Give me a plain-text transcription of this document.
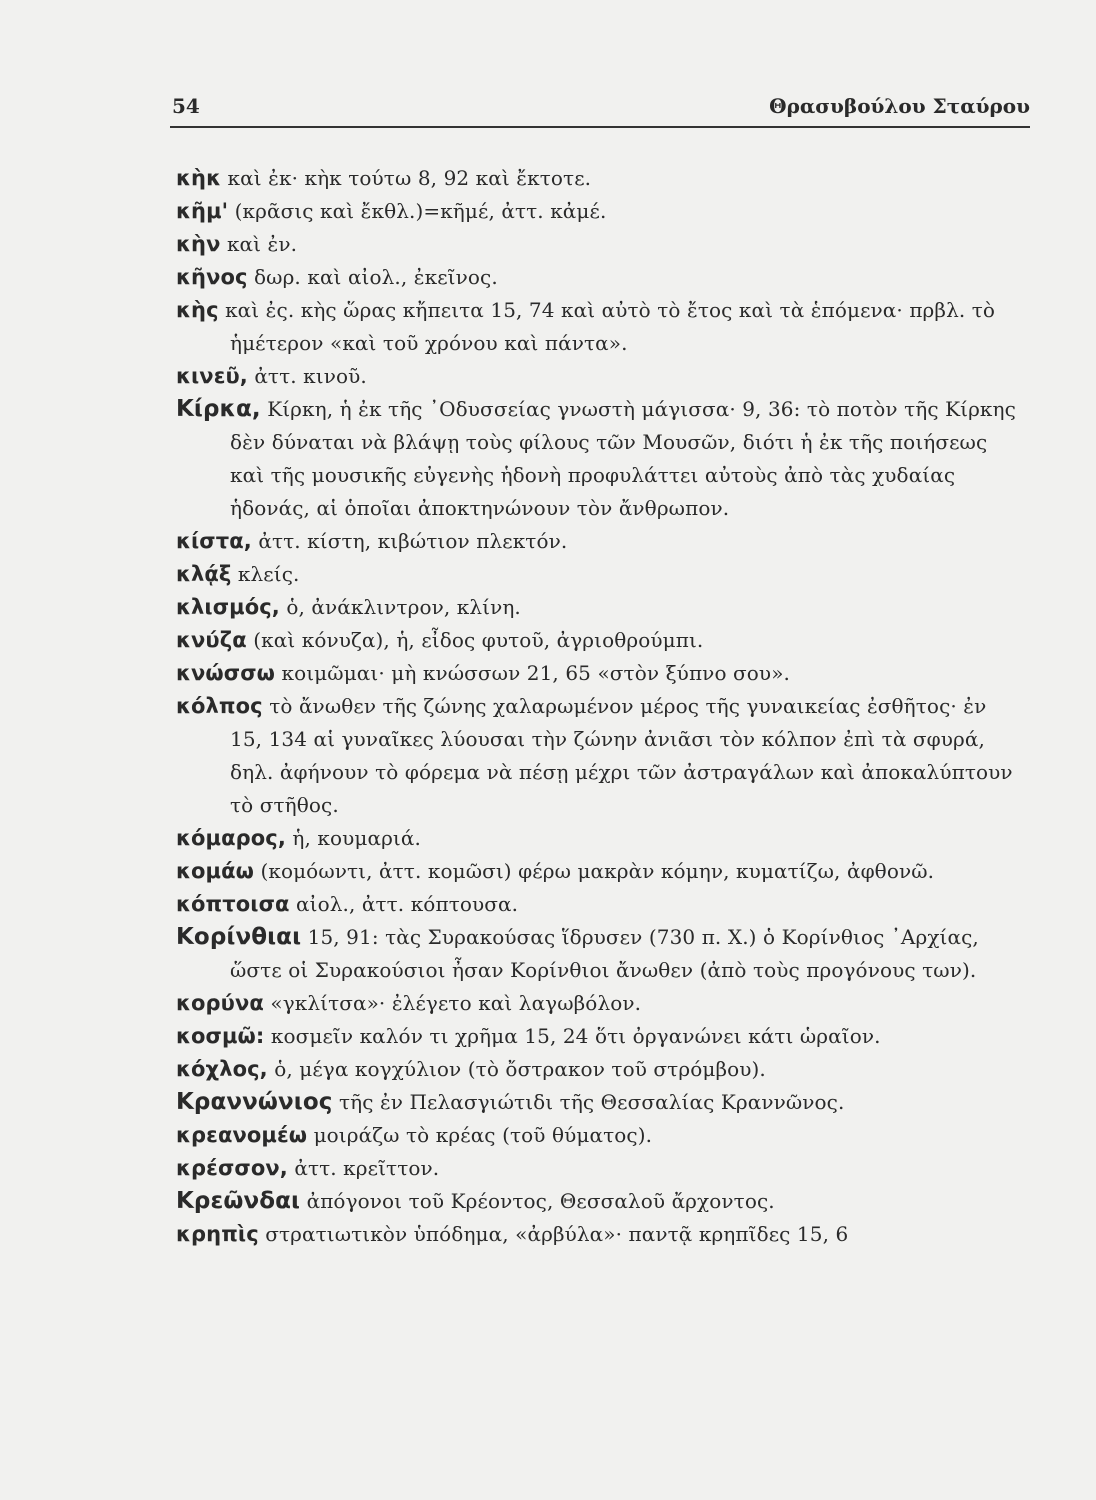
54	Θρασυβούλου Σταύρου

κὴκ καὶ ἐκ· κὴκ τούτω 8, 92 καὶ ἔκτοτε.

κῆμ' (κρᾶσις καὶ ἔκθλ.)=κῆμέ, ἀττ. κἀμέ.

κὴν καὶ ἐν.

κῆνος δωρ. καὶ αἰολ., ἐκεῖνος.

κὴς καὶ ἐς. κὴς ὥρας κἤπειτα 15, 74 καὶ αὐτὸ τὸ ἔτος καὶ τὰ ἑπόμενα· πρβλ. τὸ ἡμέτερον «καὶ τοῦ χρόνου καὶ πάντα».

κινεῦ, ἀττ. κινοῦ.

Κίρκα, Κίρκη, ἡ ἐκ τῆς ᾿Οδυσσείας γνωστὴ μάγισσα· 9, 36: τὸ ποτὸν τῆς Κίρκης δὲν δύναται νὰ βλάψῃ τοὺς φίλους τῶν Μουσῶν, διότι ἡ ἐκ τῆς ποιήσεως καὶ τῆς μουσικῆς εὐγενὴς ἡδονὴ προφυλάττει αὐτοὺς ἀπὸ τὰς χυδαίας ἡδονάς, αἱ ὁποῖαι ἀποκτηνώνουν τὸν ἄνθρωπον.

κίστα, ἀττ. κίστη, κιβώτιον πλεκτόν.

κλᾴξ κλείς.

κλισμός, ὁ, ἀνάκλιντρον, κλίνη.

κνύζα (καὶ κόνυζα), ἡ, εἶδος φυτοῦ, ἀγριοθρούμπι.

κνώσσω κοιμῶμαι· μὴ κνώσσων 21, 65 «στὸν ξύπνο σου».

κόλπος τὸ ἄνωθεν τῆς ζώνης χαλαρωμένον μέρος τῆς γυναικείας ἐσθῆτος· ἐν 15, 134 αἱ γυναῖκες λύουσαι τὴν ζώνην ἀνιᾶσι τὸν κόλπον ἐπὶ τὰ σφυρά, δηλ. ἀφήνουν τὸ φόρεμα νὰ πέσῃ μέχρι τῶν ἀστραγάλων καὶ ἀποκαλύπτουν τὸ στῆθος.

κόμαρος, ἡ, κουμαριά.

κομάω (κομόωντι, ἀττ. κομῶσι) φέρω μακρὰν κόμην, κυματίζω, ἀφθονῶ.

κόπτοισα αἰολ., ἀττ. κόπτουσα.

Κορίνθιαι 15, 91: τὰς Συρακούσας ἵδρυσεν (730 π. Χ.) ὁ Κορίνθιος ᾿Αρχίας, ὥστε οἱ Συρακούσιοι ἦσαν Κορίνθιοι ἄνωθεν (ἀπὸ τοὺς προγόνους των).

κορύνα «γκλίτσα»· ἐλέγετο καὶ λαγωβόλον.

κοσμῶ: κοσμεῖν καλόν τι χρῆμα 15, 24 ὅτι ὀργανώνει κάτι ὡραῖον.

κόχλος, ὁ, μέγα κογχύλιον (τὸ ὄστρακον τοῦ στρόμβου).

Κραννώνιος τῆς ἐν Πελασγιώτιδι τῆς Θεσσαλίας Κραννῶνος.

κρεανομέω μοιράζω τὸ κρέας (τοῦ θύματος).

κρέσσον, ἀττ. κρεῖττον.

Κρεῶνδαι ἀπόγονοι τοῦ Κρέοντος, Θεσσαλοῦ ἄρχοντος.

κρηπὶς στρατιωτικὸν ὑπόδημα, «ἀρβύλα»· παντᾷ κρηπῖδες 15, 6
